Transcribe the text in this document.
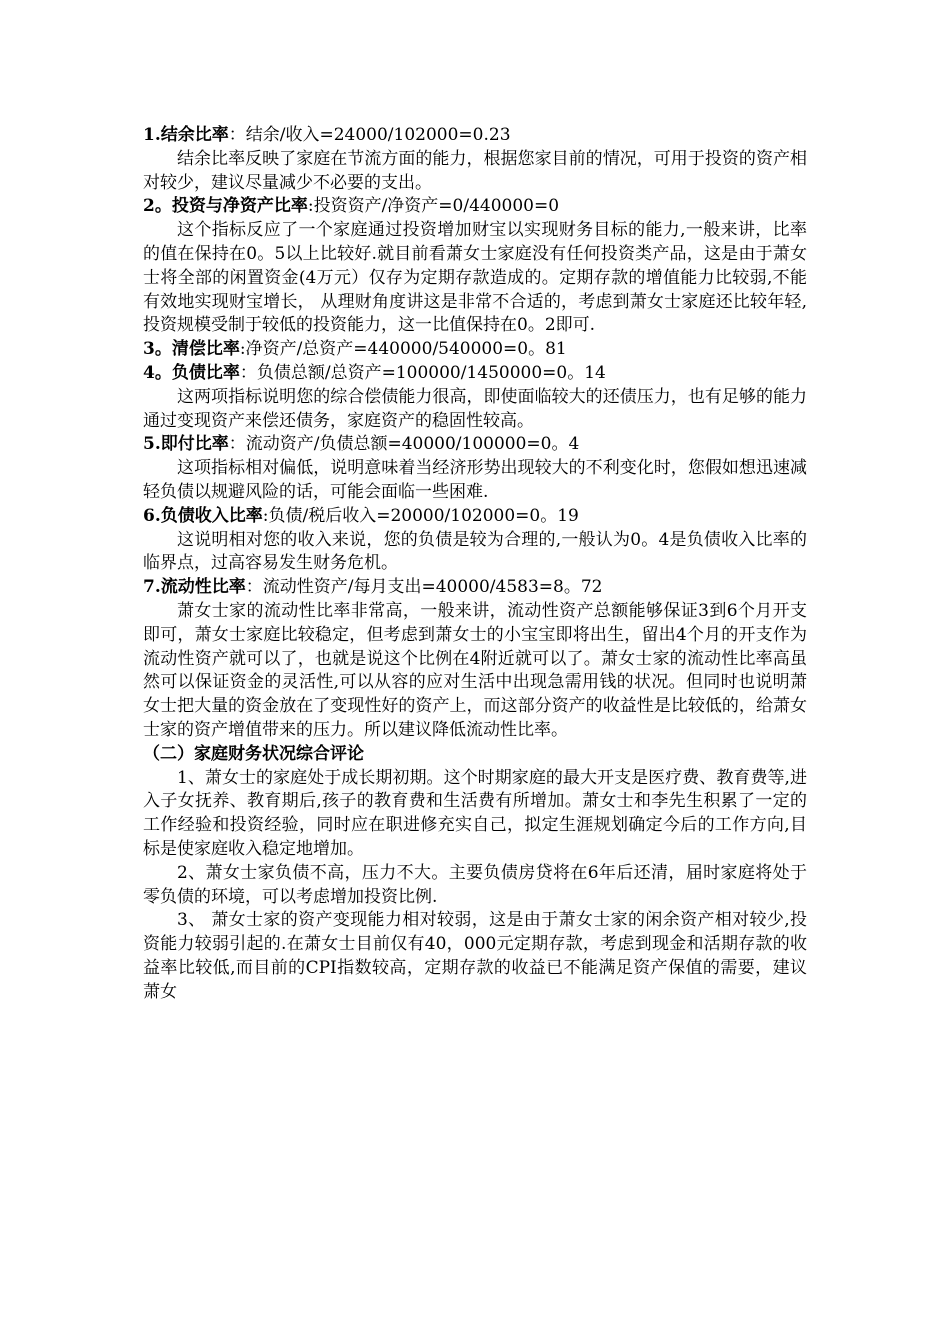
1.结余比率：结余/收入=24000/102000=0.23

结余比率反映了家庭在节流方面的能力，根据您家目前的情况，可用于投资的资产相对较少，建议尽量减少不必要的支出。

2。投资与净资产比率:投资资产/净资产=0/440000=0

这个指标反应了一个家庭通过投资增加财宝以实现财务目标的能力,一般来讲，比率的值在保持在0。5以上比较好.就目前看萧女士家庭没有任何投资类产品，这是由于萧女士将全部的闲置资金(4万元）仅存为定期存款造成的。定期存款的增值能力比较弱,不能有效地实现财宝增长， 从理财角度讲这是非常不合适的，考虑到萧女士家庭还比较年轻,投资规模受制于较低的投资能力，这一比值保持在0。2即可.

3。清偿比率:净资产/总资产=440000/540000=0。81

4。负债比率：负债总额/总资产=100000/1450000=0。14

这两项指标说明您的综合偿债能力很高，即使面临较大的还债压力，也有足够的能力通过变现资产来偿还债务，家庭资产的稳固性较高。

5.即付比率：流动资产/负债总额=40000/100000=0。4

这项指标相对偏低，说明意味着当经济形势出现较大的不利变化时，您假如想迅速减轻负债以规避风险的话，可能会面临一些困难.

6.负债收入比率:负债/税后收入=20000/102000=0。19

这说明相对您的收入来说，您的负债是较为合理的,一般认为0。4是负债收入比率的临界点，过高容易发生财务危机。

7.流动性比率：流动性资产/每月支出=40000/4583=8。72

萧女士家的流动性比率非常高，一般来讲，流动性资产总额能够保证3到6个月开支即可，萧女士家庭比较稳定，但考虑到萧女士的小宝宝即将出生，留出4个月的开支作为流动性资产就可以了，也就是说这个比例在4附近就可以了。萧女士家的流动性比率高虽然可以保证资金的灵活性,可以从容的应对生活中出现急需用钱的状况。但同时也说明萧女士把大量的资金放在了变现性好的资产上，而这部分资产的收益性是比较低的，给萧女士家的资产增值带来的压力。所以建议降低流动性比率。

（二）家庭财务状况综合评论

1、萧女士的家庭处于成长期初期。这个时期家庭的最大开支是医疗费、教育费等,进入子女抚养、教育期后,孩子的教育费和生活费有所增加。萧女士和李先生积累了一定的工作经验和投资经验，同时应在职进修充实自己，拟定生涯规划确定今后的工作方向,目标是使家庭收入稳定地增加。

2、萧女士家负债不高，压力不大。主要负债房贷将在6年后还清，届时家庭将处于零负债的环境，可以考虑增加投资比例.

3、 萧女士家的资产变现能力相对较弱，这是由于萧女士家的闲余资产相对较少,投资能力较弱引起的.在萧女士目前仅有40，000元定期存款，考虑到现金和活期存款的收益率比较低,而目前的CPI指数较高，定期存款的收益已不能满足资产保值的需要，建议萧女
